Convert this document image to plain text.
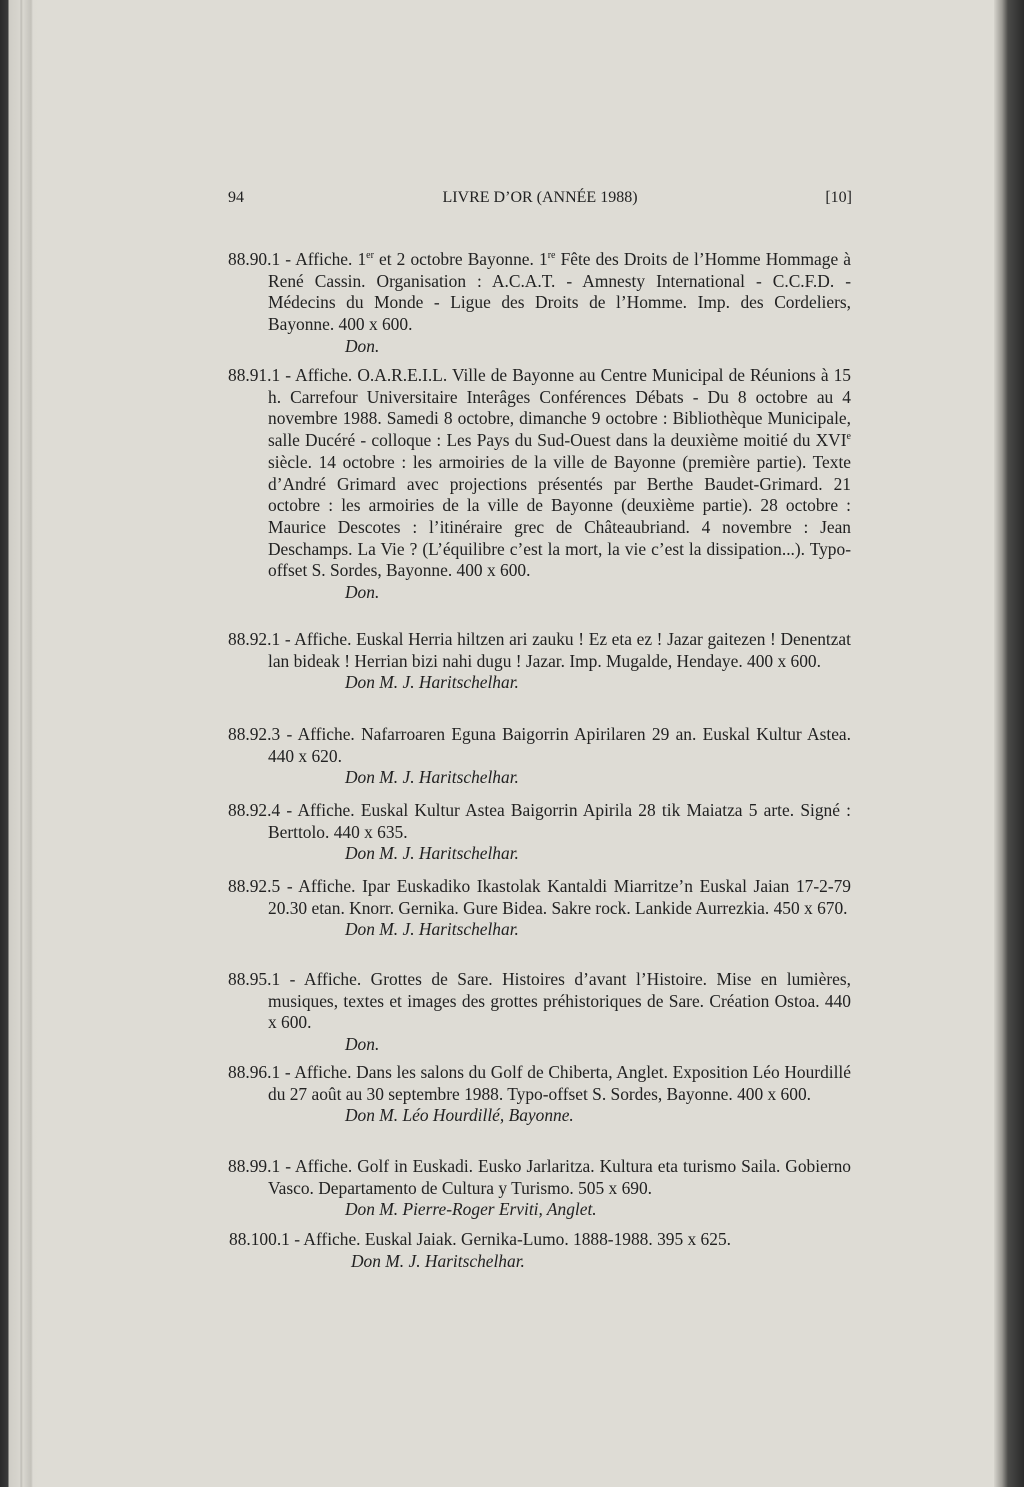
94	LIVRE D’OR (ANNÉE 1988)	[10]
88.90.1 - Affiche. 1er et 2 octobre Bayonne. 1re Fête des Droits de l’Homme Hommage à René Cassin. Organisation : A.C.A.T. - Amnesty International - C.C.F.D. - Médecins du Monde - Ligue des Droits de l’Homme. Imp. des Cordeliers, Bayonne. 400 x 600.
Don.
88.91.1 - Affiche. O.A.R.E.I.L. Ville de Bayonne au Centre Municipal de Réunions à 15 h. Carrefour Universitaire Interâges Conférences Débats - Du 8 octobre au 4 novembre 1988. Samedi 8 octobre, dimanche 9 octobre : Bibliothèque Municipale, salle Ducéré - colloque : Les Pays du Sud-Ouest dans la deuxième moitié du XVIe siècle. 14 octobre : les armoiries de la ville de Bayonne (première partie). Texte d’André Grimard avec projections présentés par Berthe Baudet-Grimard. 21 octobre : les armoiries de la ville de Bayonne (deuxième partie). 28 octobre : Maurice Descotes : l’itinéraire grec de Châteaubriand. 4 novembre : Jean Deschamps. La Vie ? (L’équilibre c’est la mort, la vie c’est la dissipation...). Typo-offset S. Sordes, Bayonne. 400 x 600.
Don.
88.92.1 - Affiche. Euskal Herria hiltzen ari zauku ! Ez eta ez ! Jazar gaitezen ! Denentzat lan bideak ! Herrian bizi nahi dugu ! Jazar. Imp. Mugalde, Hendaye. 400 x 600.
Don M. J. Haritschelhar.
88.92.3 - Affiche. Nafarroaren Eguna Baigorrin Apirilaren 29 an. Euskal Kultur Astea. 440 x 620.
Don M. J. Haritschelhar.
88.92.4 - Affiche. Euskal Kultur Astea Baigorrin Apirila 28 tik Maiatza 5 arte. Signé : Berttolo. 440 x 635.
Don M. J. Haritschelhar.
88.92.5 - Affiche. Ipar Euskadiko Ikastolak Kantaldi Miarritze’n Euskal Jaian 17-2-79 20.30 etan. Knorr. Gernika. Gure Bidea. Sakre rock. Lankide Aurrezkia. 450 x 670.
Don M. J. Haritschelhar.
88.95.1 - Affiche. Grottes de Sare. Histoires d’avant l’Histoire. Mise en lumières, musiques, textes et images des grottes préhistoriques de Sare. Création Ostoa. 440 x 600.
Don.
88.96.1 - Affiche. Dans les salons du Golf de Chiberta, Anglet. Exposition Léo Hourdillé du 27 août au 30 septembre 1988. Typo-offset S. Sordes, Bayonne. 400 x 600.
Don M. Léo Hourdillé, Bayonne.
88.99.1 - Affiche. Golf in Euskadi. Eusko Jarlaritza. Kultura eta turismo Saila. Gobierno Vasco. Departamento de Cultura y Turismo. 505 x 690.
Don M. Pierre-Roger Erviti, Anglet.
88.100.1 - Affiche. Euskal Jaiak. Gernika-Lumo. 1888-1988. 395 x 625.
Don M. J. Haritschelhar.
